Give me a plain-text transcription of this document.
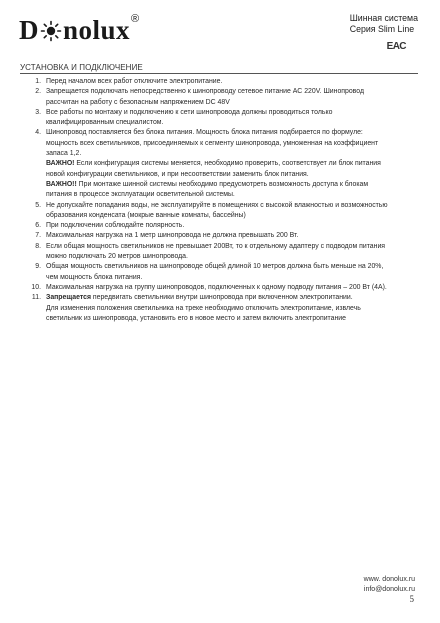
D nolux ®	Шинная система
Серия Slim Line
ЕАС
УСТАНОВКА И ПОДКЛЮЧЕНИЕ
1. Перед началом всех работ отключите электропитание.

2. Запрещается подключать непосредственно к шинопроводу сетевое питание AC 220V. Шинопровод

рассчитан на работу с безопасным напряжением DC 48V

3. Все работы по монтажу и подключению к сети шинопровода должны проводиться только

квалифицированным специалистом.

4. Шинопровод поставляется без блока питания. Мощность блока питания подбирается по формуле:

мощность всех светильников, присоединяемых к сегменту шинопровода, умноженная на коэффициент

запаса 1,2.

ВАЖНО! Если конфигурация системы меняется, необходимо проверить, соответствует ли блок питания

новой конфигурации светильников, и при несоответствии заменить блок питания.

ВАЖНО!! При монтаже шинной системы необходимо предусмотреть возможность доступа к блокам

питания в процессе эксплуатации осветительной системы.

5. Не допускайте попадания воды, не эксплуатируйте в помещениях с высокой влажностью и возможностью

образования конденсата (мокрые ванные комнаты, бассейны)

6. При подключении соблюдайте полярность.

7. Максимальная нагрузка на 1 метр шинопровода не должна превышать 200 Вт.

8. Если общая мощность светильников не превышает 200Вт, то к отдельному адаптеру с подводом питания

можно подключать 20 метров шинопровода.

9. Общая мощность светильников на шинопроводе общей длиной 10 метров должна быть меньше на 20%,

чем мощность блока питания.

10. Максимальная нагрузка на группу шинопроводов, подключенных к одному подводу питания – 200 Вт (4А).

11. Запрещается передвигать светильники внутри шинопровода при включенном электропитании.

Для изменения положения светильника на треке необходимо отключить электропитание, извлечь

светильник из шинопровода, установить его в новое место и затем включить электропитание

www. donolux.ru
info@donolux.ru
5
